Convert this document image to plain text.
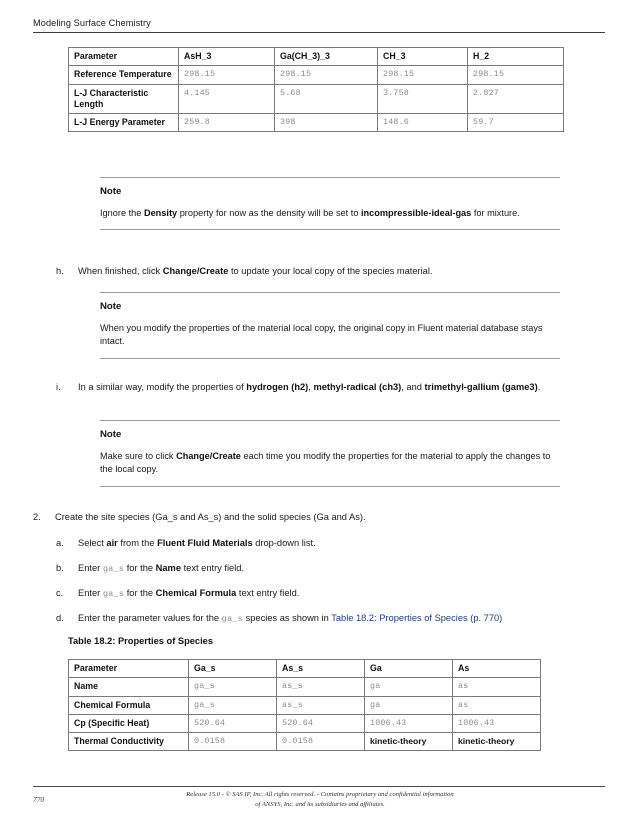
Modeling Surface Chemistry
Parameter	AsH_3	Ga(CH_3)_3	CH_3	H_2
Reference Temperature	298.15	298.15	298.15	298.15
L-J Characteristic Length	4.145	5.68	3.758	2.827
L-J Energy Parameter	259.8	398	148.6	59.7
Note
Ignore the Density property for now as the density will be set to incompressible-ideal-gas for mixture.
h.	When finished, click Change/Create to update your local copy of the species material.
Note
When you modify the properties of the material local copy, the original copy in Fluent material database stays intact.
i.	In a similar way, modify the properties of hydrogen (h2), methyl-radical (ch3), and trimethyl-gallium (game3).
Note
Make sure to click Change/Create each time you modify the properties for the material to apply the changes to the local copy.
2.	Create the site species (Ga_s and As_s) and the solid species (Ga and As).
a.	Select air from the Fluent Fluid Materials drop-down list.
b.	Enter ga_s for the Name text entry field.
c.	Enter ga_s for the Chemical Formula text entry field.
d.	Enter the parameter values for the ga_s species as shown in Table 18.2: Properties of Species (p. 770)
Table 18.2: Properties of Species
Parameter	Ga_s	As_s	Ga	As
Name	ga_s	as_s	ga	as
Chemical Formula	ga_s	as_s	ga	as
Cp (Specific Heat)	520.64	520.64	1006.43	1006.43
Thermal Conductivity	0.0158	0.0158	kinetic-theory	kinetic-theory
770
Release 15.0 - © SAS IP, Inc. All rights reserved. - Contains proprietary and confidential information
of ANSYS, Inc. and its subsidiaries and affiliates.
